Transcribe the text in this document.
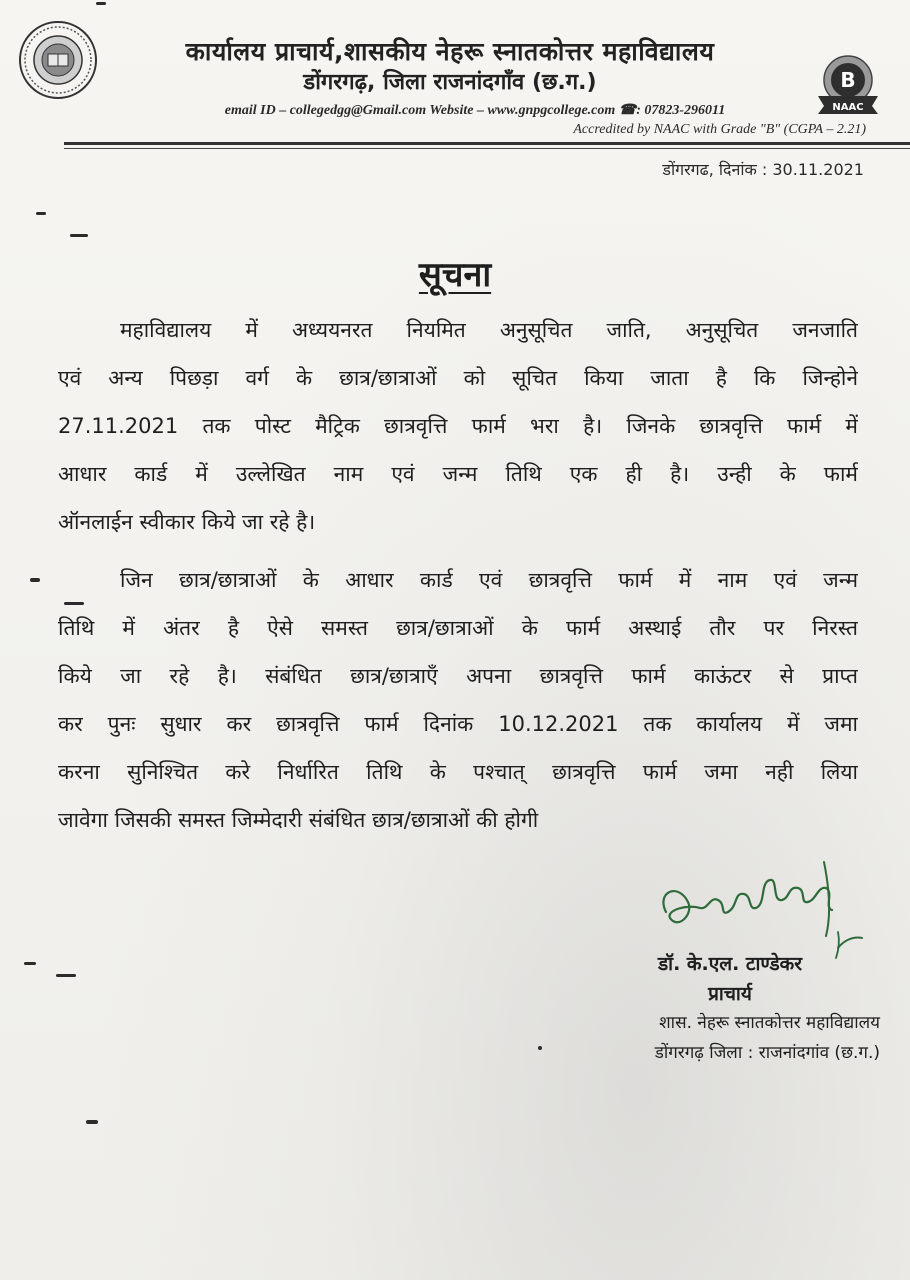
कार्यालय प्राचार्य,शासकीय नेहरू स्नातकोत्तर महाविद्यालय
डोंगरगढ़, जिला राजनांदगाँव (छ.ग.)	B
NAAC
email ID – collegedgg@Gmail.com Website – www.gnpgcollege.com ☎: 07823-296011
Accredited by NAAC with Grade "B" (CGPA – 2.21)
डोंगरगढ, दिनांक : 30.11.2021
सूचना
महाविद्यालय में अध्ययनरत नियमित अनुसूचित जाति, अनुसूचित जनजाति
एवं अन्य पिछड़ा वर्ग के छात्र/छात्राओं को सूचित किया जाता है कि जिन्होने
27.11.2021 तक पोस्ट मैट्रिक छात्रवृत्ति फार्म भरा है। जिनके छात्रवृत्ति फार्म में
आधार कार्ड में उल्लेखित नाम एवं जन्म तिथि एक ही है। उन्ही के फार्म
ऑनलाईन स्वीकार किये जा रहे है।
जिन छात्र/छात्राओं के आधार कार्ड एवं छात्रवृत्ति फार्म में नाम एवं जन्म
तिथि में अंतर है ऐसे समस्त छात्र/छात्राओं के फार्म अस्थाई तौर पर निरस्त
किये जा रहे है। संबंधित छात्र/छात्राएँ अपना छात्रवृत्ति फार्म काऊंटर से प्राप्त
कर पुनः सुधार कर छात्रवृत्ति फार्म दिनांक 10.12.2021 तक कार्यालय में जमा
करना सुनिश्चित करे निर्धारित तिथि के पश्चात् छात्रवृत्ति फार्म जमा नही लिया
जावेगा जिसकी समस्त जिम्मेदारी संबंधित छात्र/छात्राओं की होगी
डॉ. के.एल. टाण्डेकर
प्राचार्य
शास. नेहरू स्नातकोत्तर महाविद्यालय
डोंगरगढ़ जिला : राजनांदगांव (छ.ग.)
